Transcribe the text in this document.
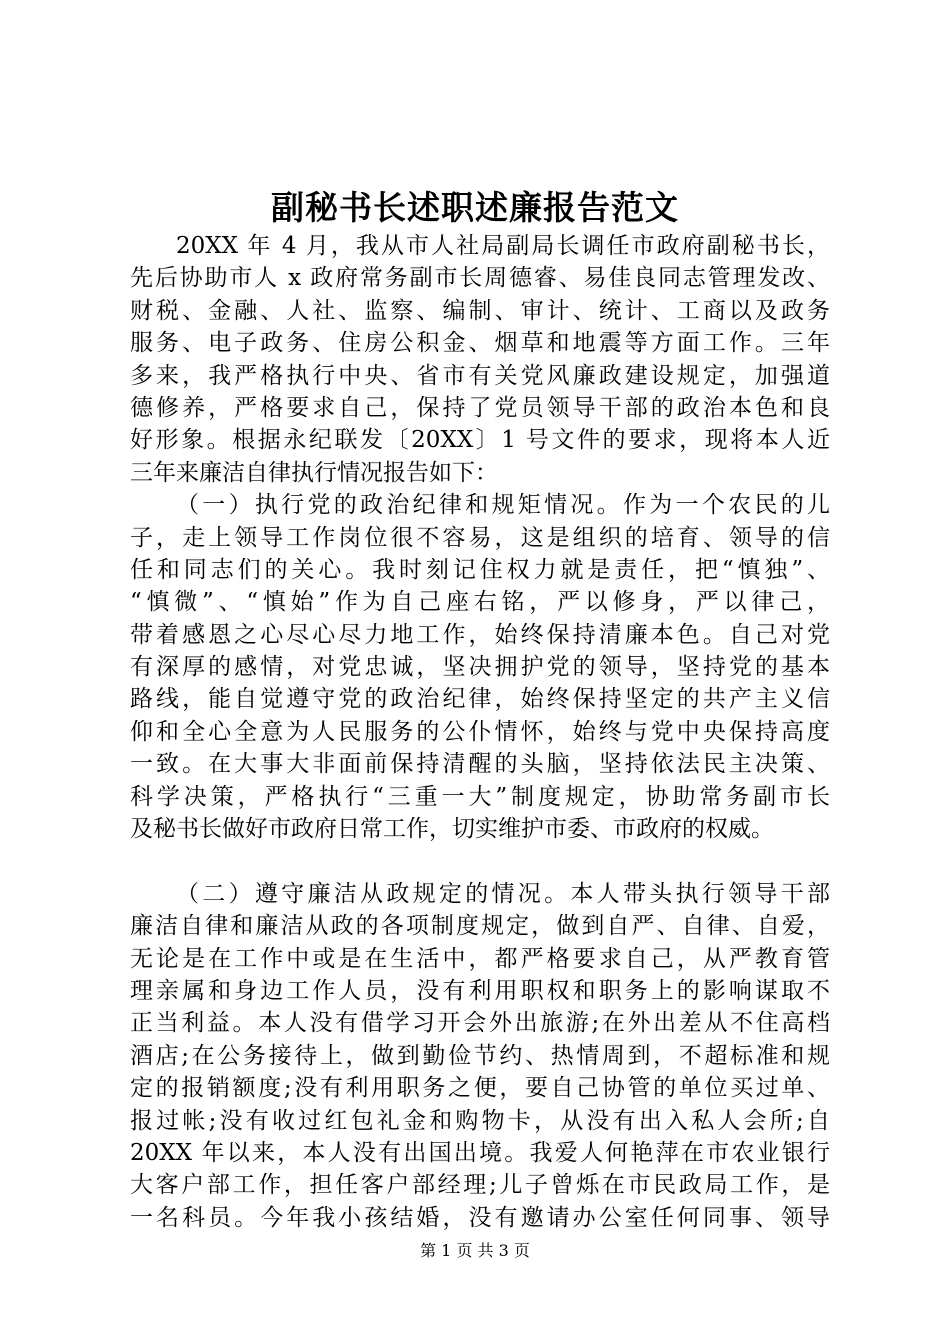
副秘书长述职述廉报告范文
20XX 年 4 月，我从市人社局副局长调任市政府副秘书长，
先后协助市人 x 政府常务副市长周德睿、易佳良同志管理发改、
财税、金融、人社、监察、编制、审计、统计、工商以及政务
服务、电子政务、住房公积金、烟草和地震等方面工作。三年
多来，我严格执行中央、省市有关党风廉政建设规定，加强道
德修养，严格要求自己，保持了党员领导干部的政治本色和良
好形象。根据永纪联发〔20XX〕1 号文件的要求，现将本人近
三年来廉洁自律执行情况报告如下：
（一）执行党的政治纪律和规矩情况。作为一个农民的儿
子，走上领导工作岗位很不容易，这是组织的培育、领导的信
任和同志们的关心。我时刻记住权力就是责任，把“慎独”、
“慎微”、“慎始”作为自己座右铭，严以修身，严以律己，
带着感恩之心尽心尽力地工作，始终保持清廉本色。自己对党
有深厚的感情，对党忠诚，坚决拥护党的领导，坚持党的基本
路线，能自觉遵守党的政治纪律，始终保持坚定的共产主义信
仰和全心全意为人民服务的公仆情怀，始终与党中央保持高度
一致。在大事大非面前保持清醒的头脑，坚持依法民主决策、
科学决策，严格执行“三重一大”制度规定，协助常务副市长
及秘书长做好市政府日常工作，切实维护市委、市政府的权威。
（二）遵守廉洁从政规定的情况。本人带头执行领导干部
廉洁自律和廉洁从政的各项制度规定，做到自严、自律、自爱，
无论是在工作中或是在生活中，都严格要求自己，从严教育管
理亲属和身边工作人员，没有利用职权和职务上的影响谋取不
正当利益。本人没有借学习开会外出旅游;在外出差从不住高档
酒店;在公务接待上，做到勤俭节约、热情周到，不超标准和规
定的报销额度;没有利用职务之便，要自己协管的单位买过单、
报过帐;没有收过红包礼金和购物卡，从没有出入私人会所;自
20XX 年以来，本人没有出国出境。我爱人何艳萍在市农业银行
大客户部工作，担任客户部经理;儿子曾烁在市民政局工作，是
一名科员。今年我小孩结婚，没有邀请办公室任何同事、领导
第 1 页 共 3 页
